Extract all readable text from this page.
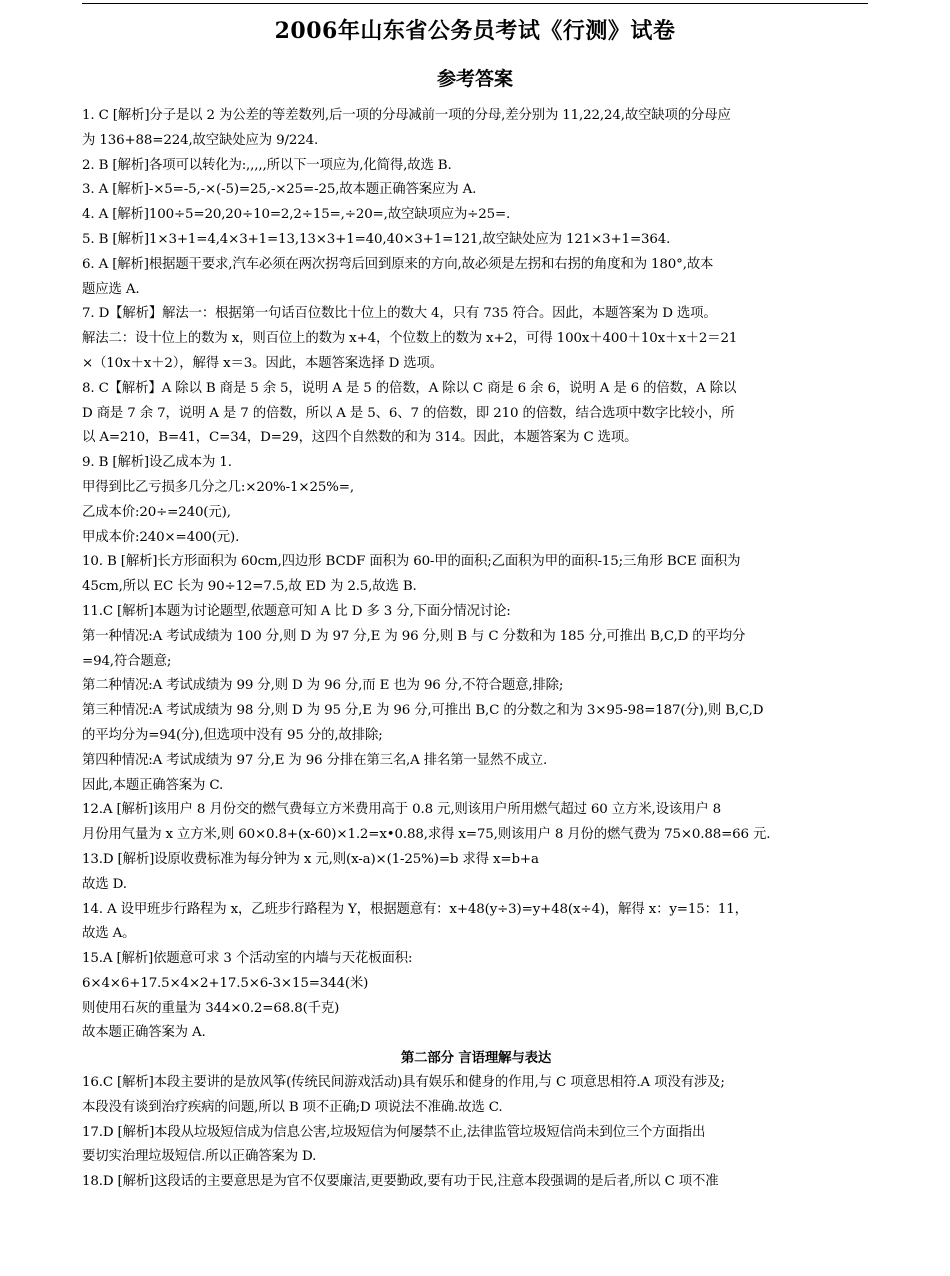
2006年山东省公务员考试《行测》试卷
参考答案
1. C [解析]分子是以 2 为公差的等差数列,后一项的分母减前一项的分母,差分别为 11,22,24,故空缺项的分母应
为 136+88=224,故空缺处应为 9/224.
2. B [解析]各项可以转化为:,,,,,所以下一项应为,化简得,故选 B.
3. A [解析]-×5=-5,-×(-5)=25,-×25=-25,故本题正确答案应为 A.
4. A [解析]100÷5=20,20÷10=2,2÷15=,÷20=,故空缺项应为÷25=.
5. B [解析]1×3+1=4,4×3+1=13,13×3+1=40,40×3+1=121,故空缺处应为 121×3+1=364.
6. A [解析]根据题干要求,汽车必须在两次拐弯后回到原来的方向,故必须是左拐和右拐的角度和为 180°,故本
题应选 A.
7. D【解析】解法一：根据第一句话百位数比十位上的数大 4，只有 735 符合。因此，本题答案为 D 选项。
解法二：设十位上的数为 x，则百位上的数为 x+4，个位数上的数为 x+2，可得 100x＋400＋10x＋x＋2＝21
×（10x＋x＋2），解得 x＝3。因此，本题答案选择 D 选项。
8. C【解析】A 除以 B 商是 5 余 5，说明 A 是 5 的倍数，A 除以 C 商是 6 余 6，说明 A 是 6 的倍数，A 除以
D 商是 7 余 7，说明 A 是 7 的倍数，所以 A 是 5、6、7 的倍数，即 210 的倍数，结合选项中数字比较小，所
以 A=210，B=41，C=34，D=29，这四个自然数的和为 314。因此，本题答案为 C 选项。
9. B [解析]设乙成本为 1.
甲得到比乙亏损多几分之几:×20%-1×25%=,
乙成本价:20÷=240(元),
甲成本价:240×=400(元).
10. B [解析]长方形面积为 60cm,四边形 BCDF 面积为 60-甲的面积;乙面积为甲的面积-15;三角形 BCE 面积为
45cm,所以 EC 长为 90÷12=7.5,故 ED 为 2.5,故选 B.
11.C [解析]本题为讨论题型,依题意可知 A 比 D 多 3 分,下面分情况讨论:
第一种情况:A 考试成绩为 100 分,则 D 为 97 分,E 为 96 分,则 B 与 C 分数和为 185 分,可推出 B,C,D 的平均分
=94,符合题意;
第二种情况:A 考试成绩为 99 分,则 D 为 96 分,而 E 也为 96 分,不符合题意,排除;
第三种情况:A 考试成绩为 98 分,则 D 为 95 分,E 为 96 分,可推出 B,C 的分数之和为 3×95-98=187(分),则 B,C,D
的平均分为=94(分),但选项中没有 95 分的,故排除;
第四种情况:A 考试成绩为 97 分,E 为 96 分排在第三名,A 排名第一显然不成立.
因此,本题正确答案为 C.
12.A [解析]该用户 8 月份交的燃气费每立方米费用高于 0.8 元,则该用户所用燃气超过 60 立方米,设该用户 8
月份用气量为 x 立方米,则 60×0.8+(x-60)×1.2=x•0.88,求得 x=75,则该用户 8 月份的燃气费为 75×0.88=66 元.
13.D [解析]设原收费标准为每分钟为 x 元,则(x-a)×(1-25%)=b 求得 x=b+a
故选 D.
14. A 设甲班步行路程为 x，乙班步行路程为 Y，根据题意有：x+48(y÷3)=y+48(x÷4)，解得 x：y=15：11，
故选 A。
15.A [解析]依题意可求 3 个活动室的内墙与天花板面积:
6×4×6+17.5×4×2+17.5×6-3×15=344(米)
则使用石灰的重量为 344×0.2=68.8(千克)
故本题正确答案为 A.
第二部分 言语理解与表达
16.C [解析]本段主要讲的是放风筝(传统民间游戏活动)具有娱乐和健身的作用,与 C 项意思相符.A 项没有涉及;
本段没有谈到治疗疾病的问题,所以 B 项不正确;D 项说法不准确.故选 C.
17.D [解析]本段从垃圾短信成为信息公害,垃圾短信为何屡禁不止,法律监管垃圾短信尚未到位三个方面指出
要切实治理垃圾短信.所以正确答案为 D.
18.D [解析]这段话的主要意思是为官不仅要廉洁,更要勤政,要有功于民,注意本段强调的是后者,所以 C 项不准
